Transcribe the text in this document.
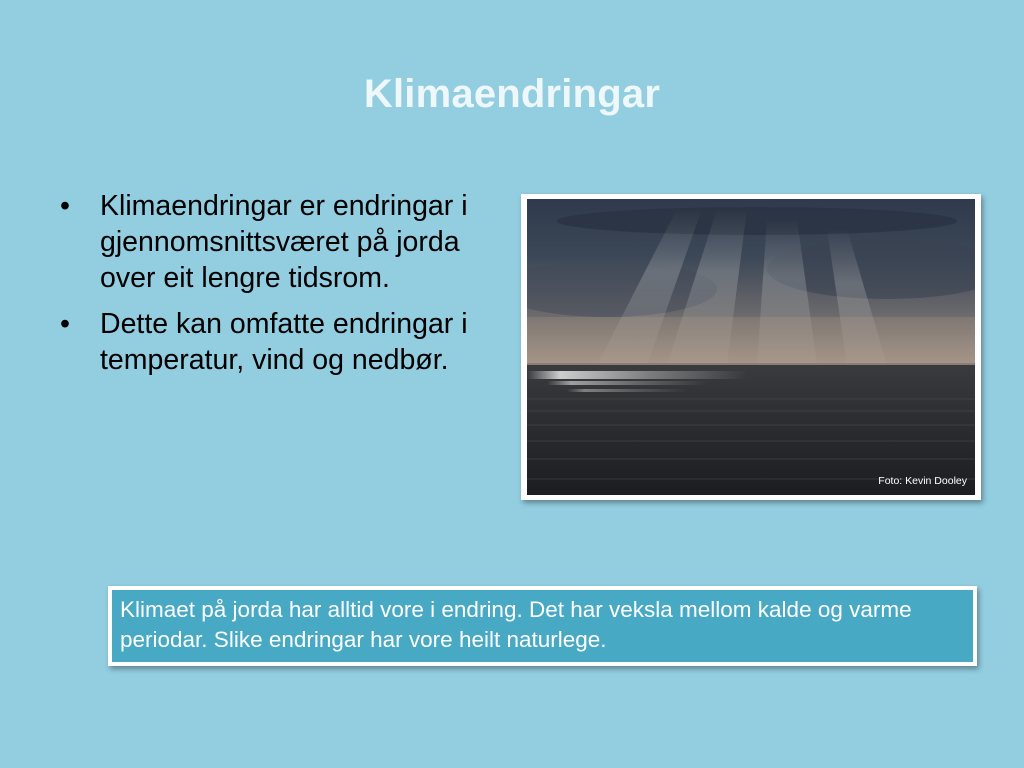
Klimaendringar
•	Klimaendringar er endringar i gjennomsnittsværet på jorda over eit lengre tidsrom.
•	Dette kan omfatte endringar i temperatur, vind og nedbør.
Foto: Kevin Dooley
Klimaet på jorda har alltid vore i endring. Det har veksla mellom kalde og varme periodar. Slike endringar har vore heilt naturlege.
